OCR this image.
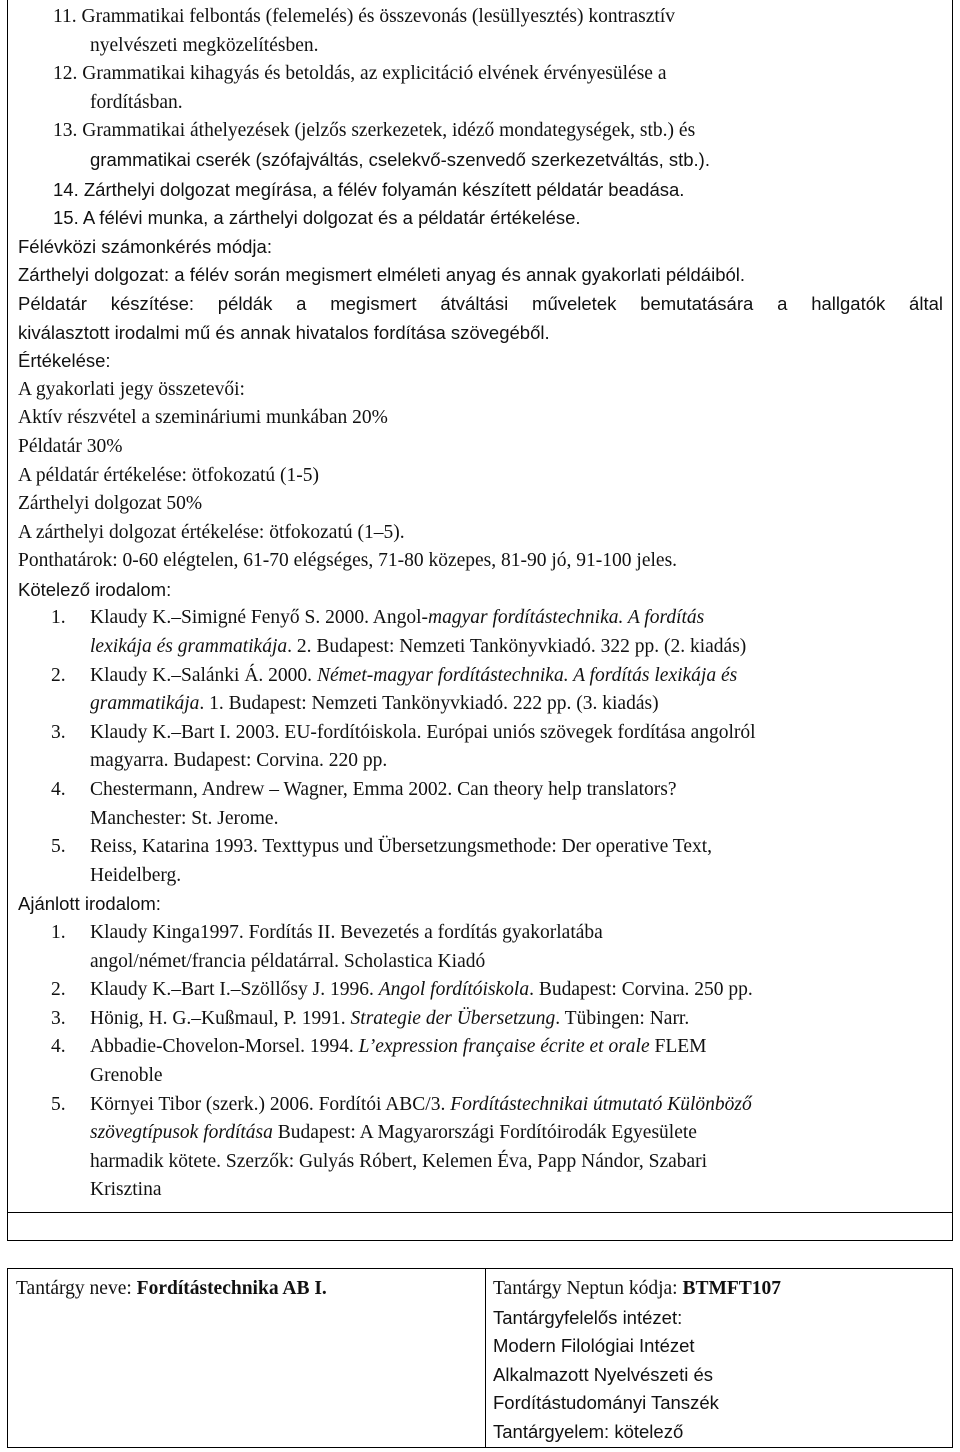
11. Grammatikai felbontás (felemelés) és összevonás (lesüllyesztés) kontrasztív
nyelvészeti megközelítésben.

12. Grammatikai kihagyás és betoldás, az explicitáció elvének érvényesülése a
fordításban.

13. Grammatikai áthelyezések (jelzős szerkezetek, idéző mondategységek, stb.) és
grammatikai cserék (szófajváltás, cselekvő-szenvedő szerkezetváltás, stb.).

14. Zárthelyi dolgozat megírása, a félév folyamán készített példatár beadása.

15. A félévi munka, a zárthelyi dolgozat és a példatár értékelése.

Félévközi számonkérés módja:

Zárthelyi dolgozat: a félév során megismert elméleti anyag és annak gyakorlati példáiból.

Példatár készítése: példák a megismert átváltási műveletek bemutatására a hallgatók által

kiválasztott irodalmi mű és annak hivatalos fordítása szövegéből.

Értékelése:

A gyakorlati jegy összetevői:

Aktív részvétel a szemináriumi munkában 20%

Példatár 30%

A példatár értékelése: ötfokozatú (1-5)

Zárthelyi dolgozat 50%

A zárthelyi dolgozat értékelése: ötfokozatú (1–5).

Ponthatárok: 0-60 elégtelen, 61-70 elégséges, 71-80 közepes, 81-90 jó, 91-100 jeles.

Kötelező irodalom:

1.	Klaudy K.–Simigné Fenyő S. 2000. Angol-magyar fordítástechnika. A fordítás
lexikája és grammatikája. 2. Budapest: Nemzeti Tankönyvkiadó. 322 pp. (2. kiadás)
2.	Klaudy K.–Salánki Á. 2000. Német-magyar fordítástechnika. A fordítás lexikája és
grammatikája. 1. Budapest: Nemzeti Tankönyvkiadó. 222 pp. (3. kiadás)
3.	Klaudy K.–Bart I. 2003. EU-fordítóiskola. Európai uniós szövegek fordítása angolról
magyarra. Budapest: Corvina. 220 pp.
4.	Chestermann, Andrew – Wagner, Emma 2002. Can theory help translators?
Manchester: St. Jerome.
5.	Reiss, Katarina 1993. Texttypus und Übersetzungsmethode: Der operative Text,
Heidelberg.

Ajánlott irodalom:

1.	Klaudy Kinga1997. Fordítás II. Bevezetés a fordítás gyakorlatába
angol/német/francia példatárral. Scholastica Kiadó
2.	Klaudy K.–Bart I.–Szöllősy J. 1996. Angol fordítóiskola. Budapest: Corvina. 250 pp.
3.	Hönig, H. G.–Kußmaul, P. 1991. Strategie der Übersetzung. Tübingen: Narr.
4.	Abbadie-Chovelon-Morsel. 1994. L’expression française écrite et orale FLEM
Grenoble
5.	Környei Tibor (szerk.) 2006. Fordítói ABC/3. Fordítástechnikai útmutató Különböző
szövegtípusok fordítása Budapest: A Magyarországi Fordítóirodák Egyesülete
harmadik kötete. Szerzők: Gulyás Róbert, Kelemen Éva, Papp Nándor, Szabari
Krisztina
Tantárgy neve: Fordítástechnika AB I.	Tantárgy Neptun kódja: BTMFT107
Tantárgyfelelős intézet:
Modern Filológiai Intézet
Alkalmazott Nyelvészeti és
Fordítástudományi Tanszék
Tantárgyelem: kötelező
